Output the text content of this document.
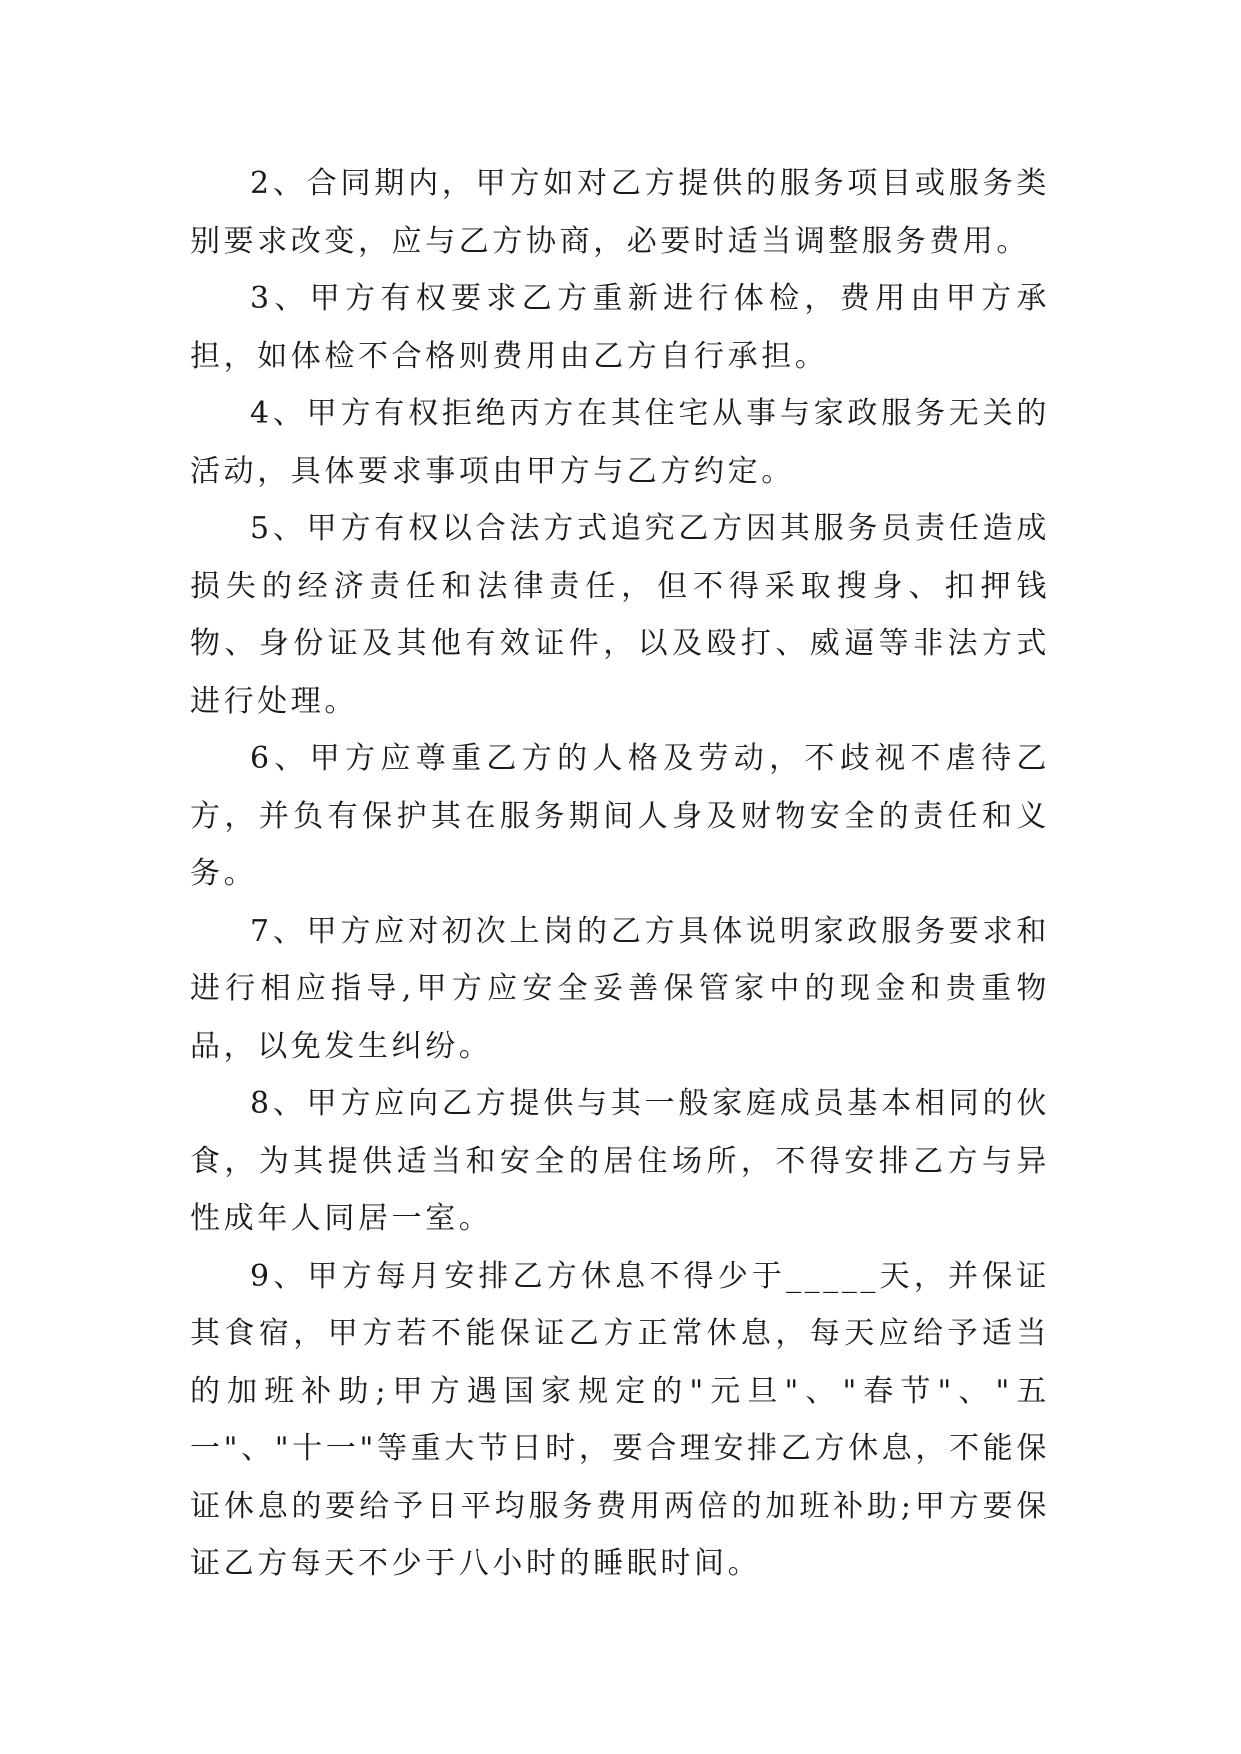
2、合同期内，甲方如对乙方提供的服务项目或服务类别要求改变，应与乙方协商，必要时适当调整服务费用。

3、甲方有权要求乙方重新进行体检，费用由甲方承担，如体检不合格则费用由乙方自行承担。

4、甲方有权拒绝丙方在其住宅从事与家政服务无关的活动，具体要求事项由甲方与乙方约定。

5、甲方有权以合法方式追究乙方因其服务员责任造成损失的经济责任和法律责任，但不得采取搜身、扣押钱物、身份证及其他有效证件，以及殴打、威逼等非法方式进行处理。

6、甲方应尊重乙方的人格及劳动，不歧视不虐待乙方，并负有保护其在服务期间人身及财物安全的责任和义务。

7、甲方应对初次上岗的乙方具体说明家政服务要求和进行相应指导,甲方应安全妥善保管家中的现金和贵重物品，以免发生纠纷。

8、甲方应向乙方提供与其一般家庭成员基本相同的伙食，为其提供适当和安全的居住场所，不得安排乙方与异性成年人同居一室。

9、甲方每月安排乙方休息不得少于_____天，并保证其食宿，甲方若不能保证乙方正常休息，每天应给予适当的加班补助;甲方遇国家规定的"元旦"、"春节"、"五一"、"十一"等重大节日时，要合理安排乙方休息，不能保证休息的要给予日平均服务费用两倍的加班补助;甲方要保证乙方每天不少于八小时的睡眠时间。
